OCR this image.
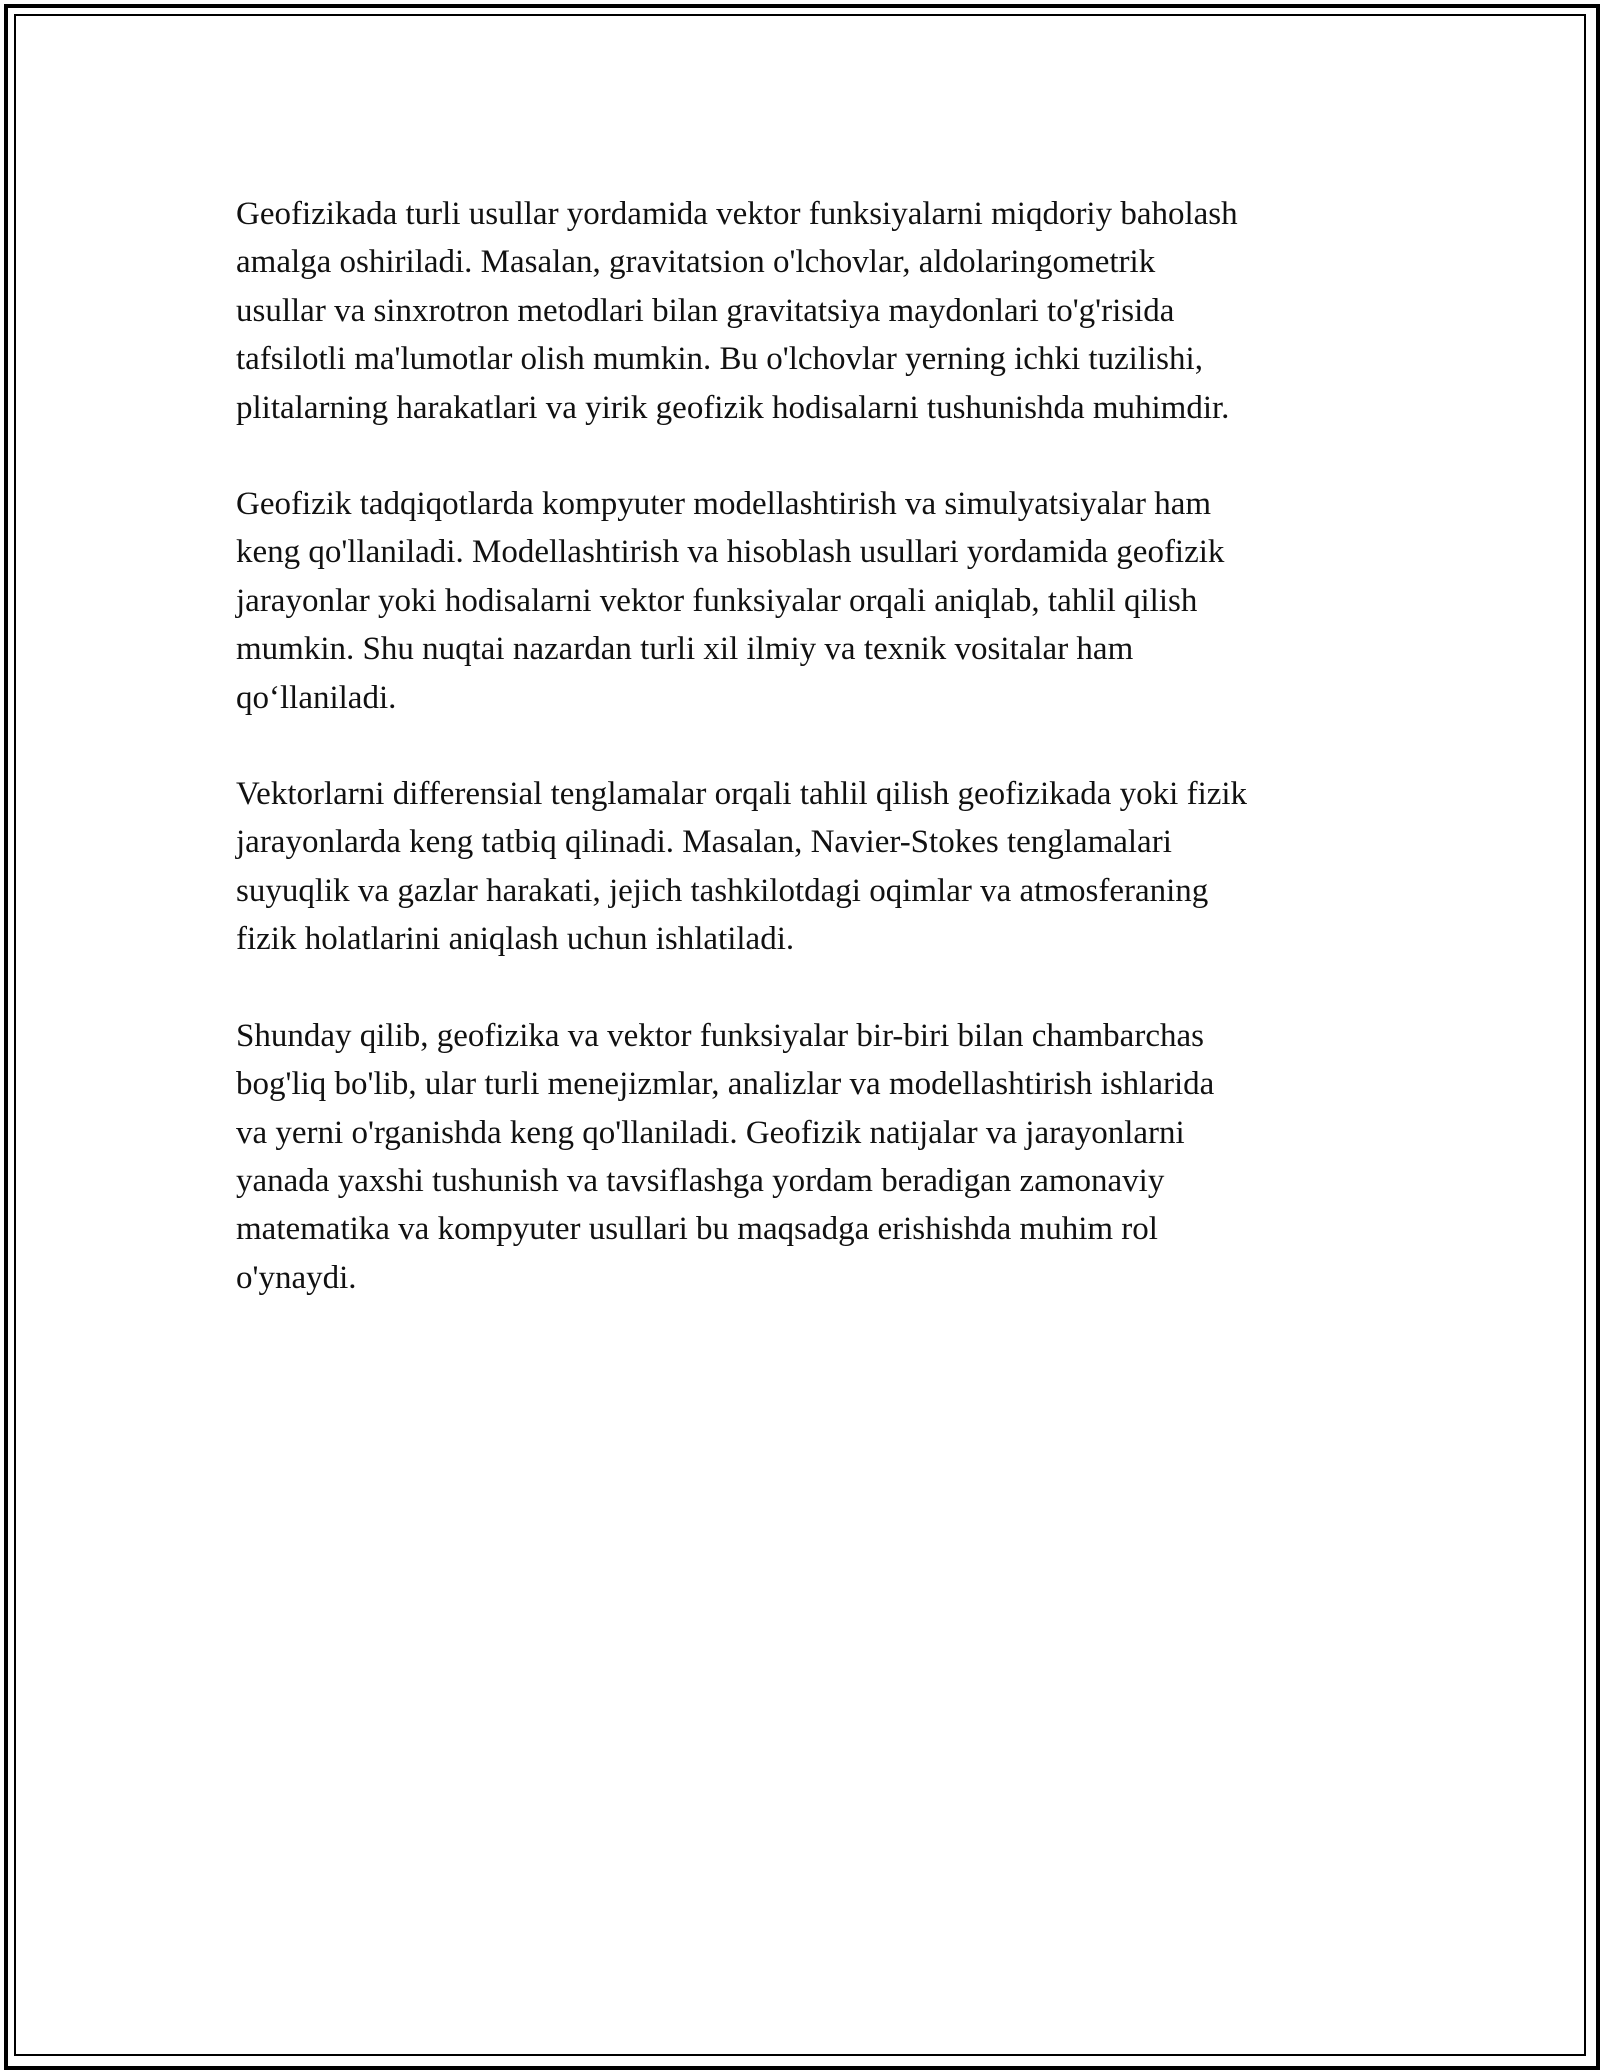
Geofizikada turli usullar yordamida vektor funksiyalarni miqdoriy baholash
amalga oshiriladi. Masalan, gravitatsion o'lchovlar, aldolaringometrik
usullar va sinxrotron metodlari bilan gravitatsiya maydonlari to'g'risida
tafsilotli ma'lumotlar olish mumkin. Bu o'lchovlar yerning ichki tuzilishi,
plitalarning harakatlari va yirik geofizik hodisalarni tushunishda muhimdir.

Geofizik tadqiqotlarda kompyuter modellashtirish va simulyatsiyalar ham
keng qo'llaniladi. Modellashtirish va hisoblash usullari yordamida geofizik
jarayonlar yoki hodisalarni vektor funksiyalar orqali aniqlab, tahlil qilish
mumkin. Shu nuqtai nazardan turli xil ilmiy va texnik vositalar ham
qo‘llaniladi.

Vektorlarni differensial tenglamalar orqali tahlil qilish geofizikada yoki fizik
jarayonlarda keng tatbiq qilinadi. Masalan, Navier-Stokes tenglamalari
suyuqlik va gazlar harakati, jejich tashkilotdagi oqimlar va atmosferaning
fizik holatlarini aniqlash uchun ishlatiladi.

Shunday qilib, geofizika va vektor funksiyalar bir-biri bilan chambarchas
bog'liq bo'lib, ular turli menejizmlar, analizlar va modellashtirish ishlarida
va yerni o'rganishda keng qo'llaniladi. Geofizik natijalar va jarayonlarni
yanada yaxshi tushunish va tavsiflashga yordam beradigan zamonaviy
matematika va kompyuter usullari bu maqsadga erishishda muhim rol
o'ynaydi.
